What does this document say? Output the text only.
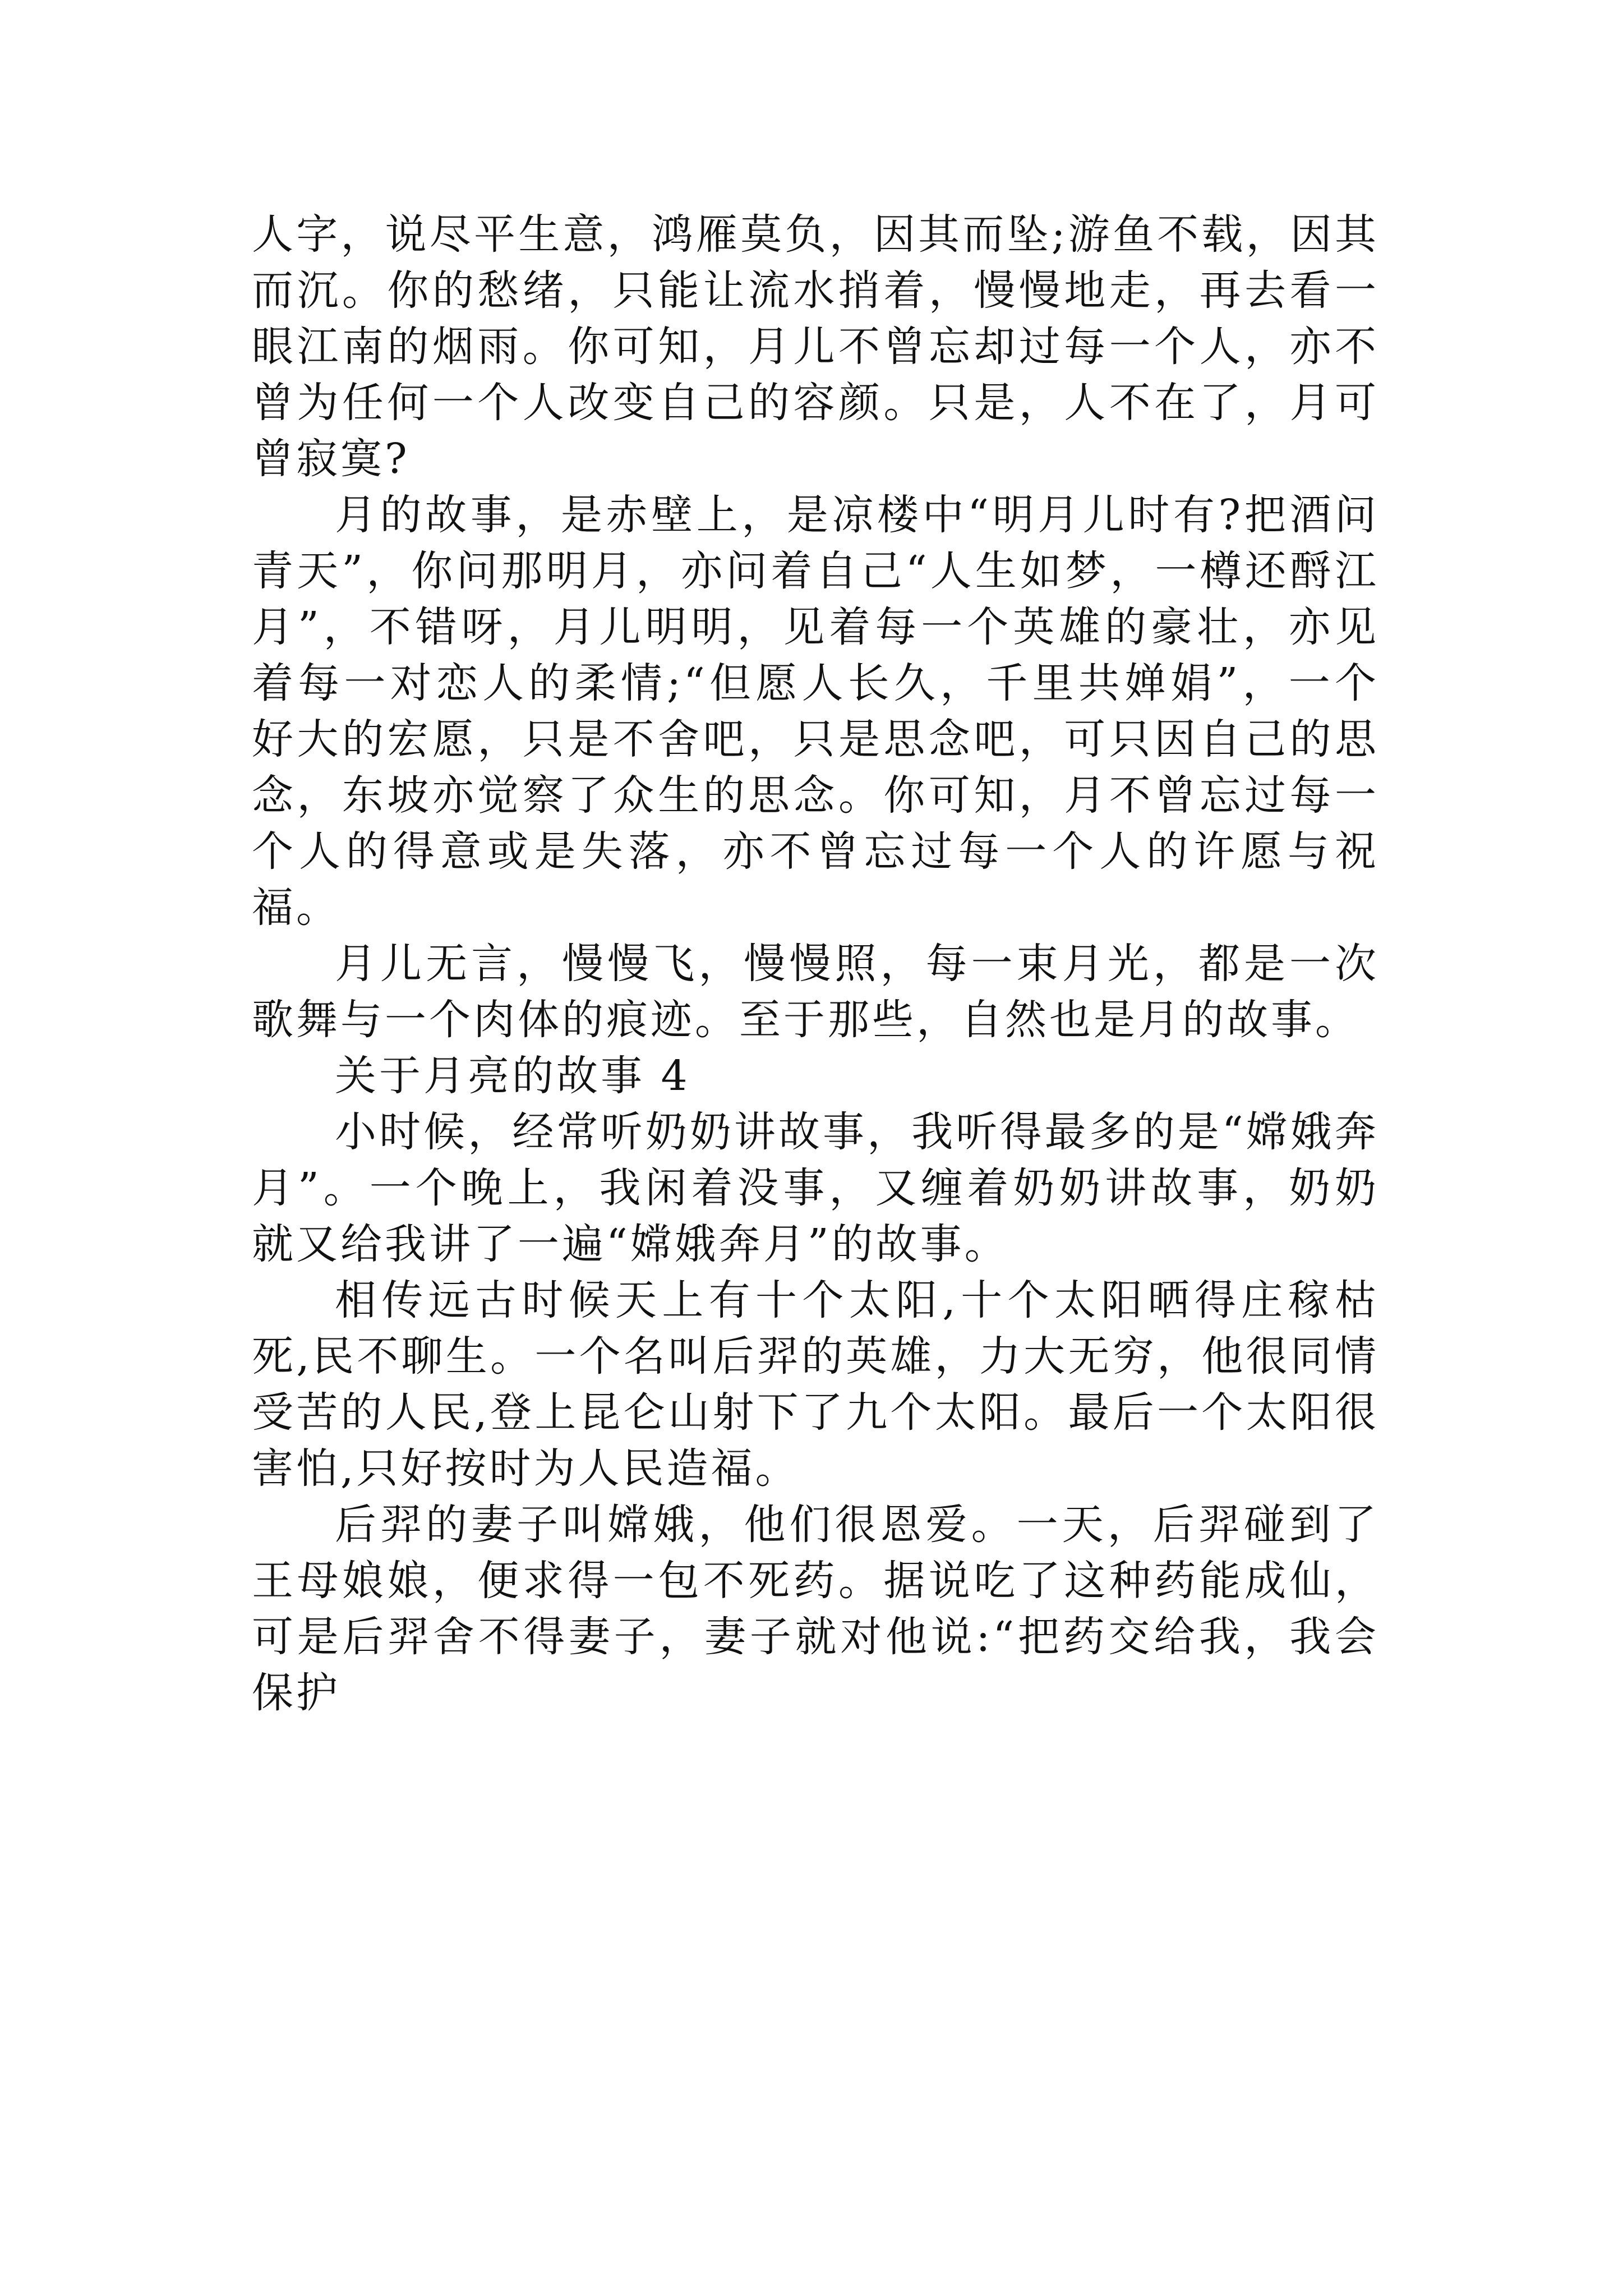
人字，说尽平生意，鸿雁莫负，因其而坠;游鱼不载，因其而沉。你的愁绪，只能让流水捎着，慢慢地走，再去看一眼江南的烟雨。你可知，月儿不曾忘却过每一个人，亦不曾为任何一个人改变自己的容颜。只是，人不在了，月可曾寂寞?

月的故事，是赤壁上，是凉楼中“明月儿时有?把酒问青天”，你问那明月，亦问着自己“人生如梦，一樽还酹江月”，不错呀，月儿明明，见着每一个英雄的豪壮，亦见着每一对恋人的柔情;“但愿人长久，千里共婵娟”，一个好大的宏愿，只是不舍吧，只是思念吧，可只因自己的思念，东坡亦觉察了众生的思念。你可知，月不曾忘过每一个人的得意或是失落，亦不曾忘过每一个人的许愿与祝福。

月儿无言，慢慢飞，慢慢照，每一束月光，都是一次歌舞与一个肉体的痕迹。至于那些，自然也是月的故事。

关于月亮的故事 4

小时候，经常听奶奶讲故事，我听得最多的是“嫦娥奔月”。一个晚上，我闲着没事，又缠着奶奶讲故事，奶奶就又给我讲了一遍“嫦娥奔月”的故事。

相传远古时候天上有十个太阳,十个太阳晒得庄稼枯死,民不聊生。一个名叫后羿的英雄，力大无穷，他很同情受苦的人民,登上昆仑山射下了九个太阳。最后一个太阳很害怕,只好按时为人民造福。

后羿的妻子叫嫦娥，他们很恩爱。一天，后羿碰到了王母娘娘，便求得一包不死药。据说吃了这种药能成仙，可是后羿舍不得妻子，妻子就对他说:“把药交给我，我会保护
